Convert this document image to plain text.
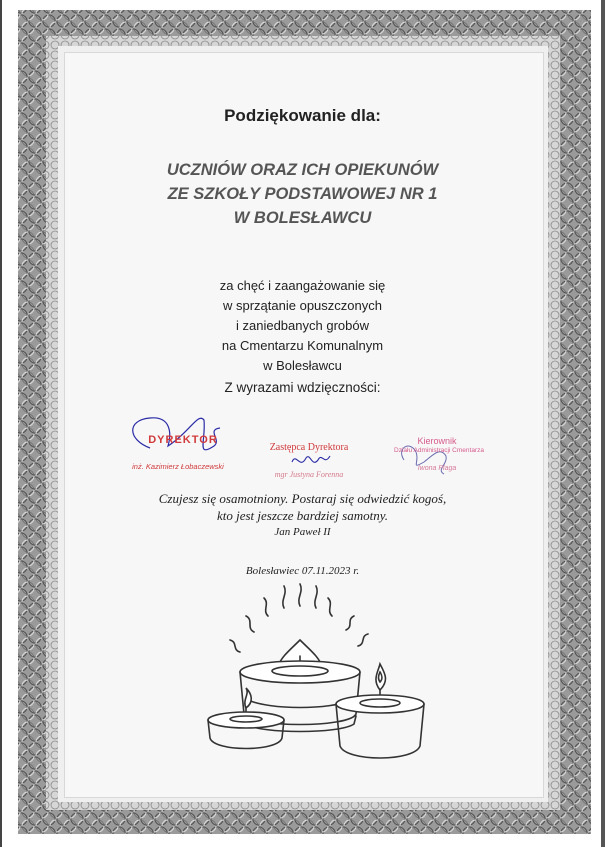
Podziękowanie dla:
UCZNIÓW ORAZ ICH OPIEKUNÓW
ZE SZKOŁY PODSTAWOWEJ NR 1
W BOLESŁAWCU
za chęć i zaangażowanie się
w sprzątanie opuszczonych
i zaniedbanych grobów
na Cmentarzu Komunalnym
w Bolesławcu
Z wyrazami wdzięczności:
DYREKTOR
inż. Kazimierz Łobaczewski
Zastępca Dyrektora
mgr Justyna Forenna
Kierownik
Działu Administracji Cmentarza
Iwona Plaga
Czujesz się osamotniony. Postaraj się odwiedzić kogoś,
kto jest jeszcze bardziej samotny.
Jan Paweł II
Bolesławiec 07.11.2023 r.
